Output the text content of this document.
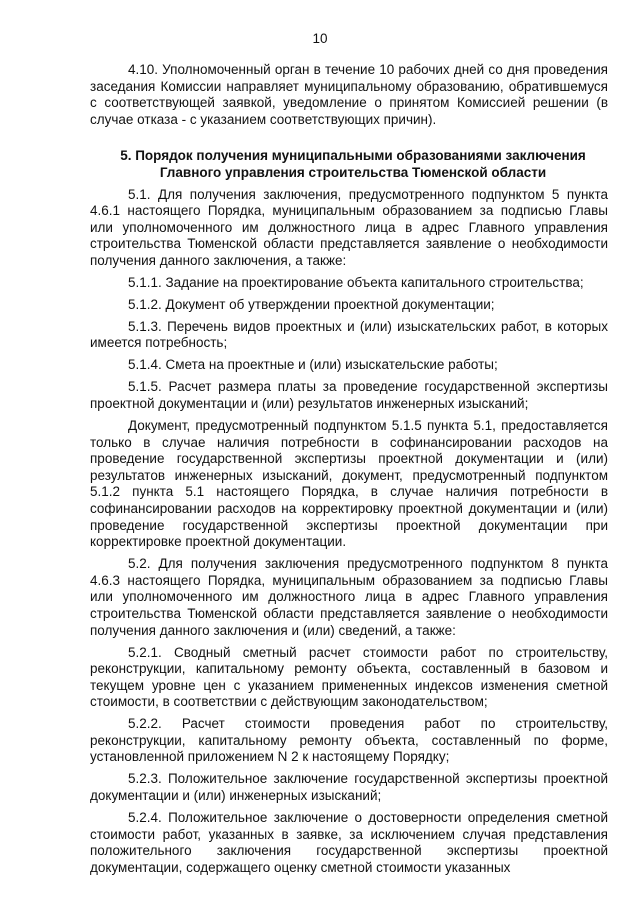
10

4.10. Уполномоченный орган в течение 10 рабочих дней со дня проведения заседания Комиссии направляет муниципальному образованию, обратившемуся с соответствующей заявкой, уведомление о принятом Комиссией решении (в случае отказа - с указанием соответствующих причин).

5. Порядок получения муниципальными образованиями заключения Главного управления строительства Тюменской области

5.1. Для получения заключения, предусмотренного подпунктом 5 пункта 4.6.1 настоящего Порядка, муниципальным образованием за подписью Главы или уполномоченного им должностного лица в адрес Главного управления строительства Тюменской области представляется заявление о необходимости получения данного заключения, а также:

5.1.1. Задание на проектирование объекта капитального строительства;

5.1.2. Документ об утверждении проектной документации;

5.1.3. Перечень видов проектных и (или) изыскательских работ, в которых имеется потребность;

5.1.4. Смета на проектные и (или) изыскательские работы;

5.1.5. Расчет размера платы за проведение государственной экспертизы проектной документации и (или) результатов инженерных изысканий;

Документ, предусмотренный подпунктом 5.1.5 пункта 5.1, предоставляется только в случае наличия потребности в софинансировании расходов на проведение государственной экспертизы проектной документации и (или) результатов инженерных изысканий, документ, предусмотренный подпунктом 5.1.2 пункта 5.1 настоящего Порядка, в случае наличия потребности в софинансировании расходов на корректировку проектной документации и (или) проведение государственной экспертизы проектной документации при корректировке проектной документации.

5.2. Для получения заключения предусмотренного подпунктом 8 пункта 4.6.3 настоящего Порядка, муниципальным образованием за подписью Главы или уполномоченного им должностного лица в адрес Главного управления строительства Тюменской области представляется заявление о необходимости получения данного заключения и (или) сведений, а также:

5.2.1. Сводный сметный расчет стоимости работ по строительству, реконструкции, капитальному ремонту объекта, составленный в базовом и текущем уровне цен с указанием примененных индексов изменения сметной стоимости, в соответствии с действующим законодательством;

5.2.2. Расчет стоимости проведения работ по строительству, реконструкции, капитальному ремонту объекта, составленный по форме, установленной приложением N 2 к настоящему Порядку;

5.2.3. Положительное заключение государственной экспертизы проектной документации и (или) инженерных изысканий;

5.2.4. Положительное заключение о достоверности определения сметной стоимости работ, указанных в заявке, за исключением случая представления положительного заключения государственной экспертизы проектной документации, содержащего оценку сметной стоимости указанных
